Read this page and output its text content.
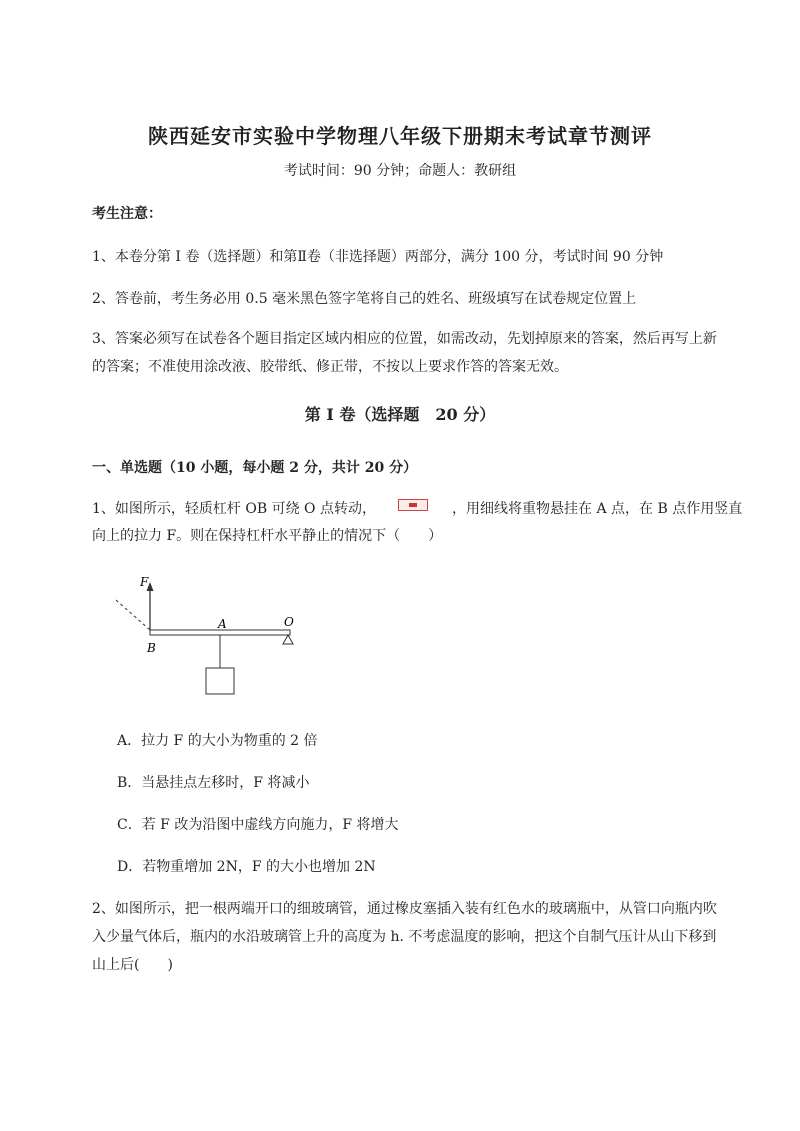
陕西延安市实验中学物理八年级下册期末考试章节测评
考试时间：90 分钟；命题人：教研组
考生注意：
1、本卷分第 I 卷（选择题）和第Ⅱ卷（非选择题）两部分，满分 100 分，考试时间 90 分钟
2、答卷前，考生务必用 0.5 毫米黑色签字笔将自己的姓名、班级填写在试卷规定位置上
3、答案必须写在试卷各个题目指定区域内相应的位置，如需改动，先划掉原来的答案，然后再写上新的答案；不准使用涂改液、胶带纸、修正带，不按以上要求作答的答案无效。
第 I 卷（选择题　20 分）
一、单选题（10 小题，每小题 2 分，共计 20 分）
1、如图所示，轻质杠杆 OB 可绕 O 点转动，	，用细线将重物悬挂在 A 点，在 B 点作用竖直
向上的拉力 F。则在保持杠杆水平静止的情况下（　　）
F
O
A
B
A．拉力 F 的大小为物重的 2 倍
B．当悬挂点左移时，F 将减小
C．若 F 改为沿图中虚线方向施力，F 将增大
D．若物重增加 2N，F 的大小也增加 2N
2、如图所示，把一根两端开口的细玻璃管，通过橡皮塞插入装有红色水的玻璃瓶中，从管口向瓶内吹入少量气体后，瓶内的水沿玻璃管上升的高度为 h. 不考虑温度的影响，把这个自制气压计从山下移到山上后(　　)
